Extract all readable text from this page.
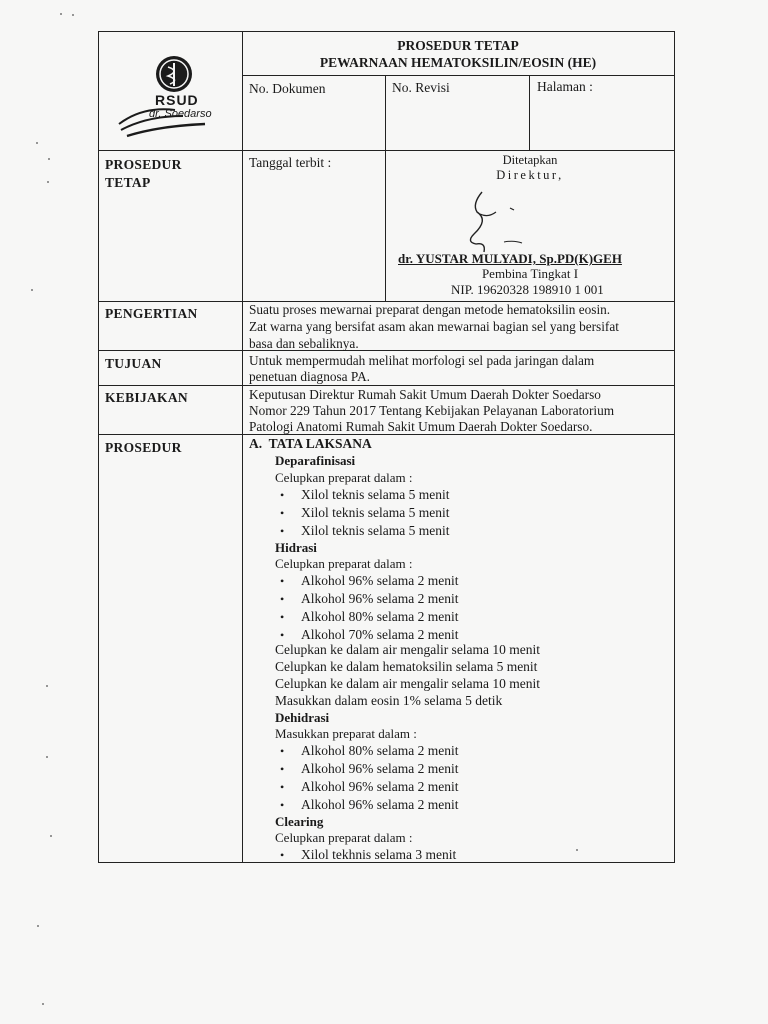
RSUD
dr. Soedarso
PROSEDUR TETAP
PEWARNAAN HEMATOKSILIN/EOSIN (HE)
No. Dokumen	No. Revisi	Halaman :
PROSEDUR TETAP
Tanggal terbit :	Ditetapkan
Direktur,
dr. YUSTAR MULYADI, Sp.PD(K)GEH
Pembina Tingkat I
NIP. 19620328 198910 1 001
PENGERTIAN	Suatu proses mewarnai preparat dengan metode hematoksilin eosin.
Zat warna yang bersifat asam akan mewarnai bagian sel yang bersifat
basa dan sebaliknya.
TUJUAN	Untuk mempermudah melihat morfologi sel pada jaringan dalam
penetuan diagnosa PA.
KEBIJAKAN	Keputusan Direktur Rumah Sakit Umum Daerah Dokter Soedarso
Nomor 229 Tahun 2017 Tentang Kebijakan Pelayanan Laboratorium
Patologi Anatomi Rumah Sakit Umum Daerah Dokter Soedarso.
PROSEDUR	A.  TATA LAKSANA
Deparafinisasi
Celupkan preparat dalam :
• Xilol teknis selama 5 menit
• Xilol teknis selama 5 menit
• Xilol teknis selama 5 menit
Hidrasi
Celupkan preparat dalam :
• Alkohol 96% selama 2 menit
• Alkohol 96% selama 2 menit
• Alkohol 80% selama 2 menit
• Alkohol 70% selama 2 menit
Celupkan ke dalam air mengalir selama 10 menit
Celupkan ke dalam hematoksilin selama 5 menit
Celupkan ke dalam air mengalir selama 10 menit
Masukkan dalam eosin 1% selama 5 detik
Dehidrasi
Masukkan preparat dalam :
• Alkohol 80% selama 2 menit
• Alkohol 96% selama 2 menit
• Alkohol 96% selama 2 menit
• Alkohol 96% selama 2 menit
Clearing
Celupkan preparat dalam :
• Xilol tekhnis selama 3 menit
